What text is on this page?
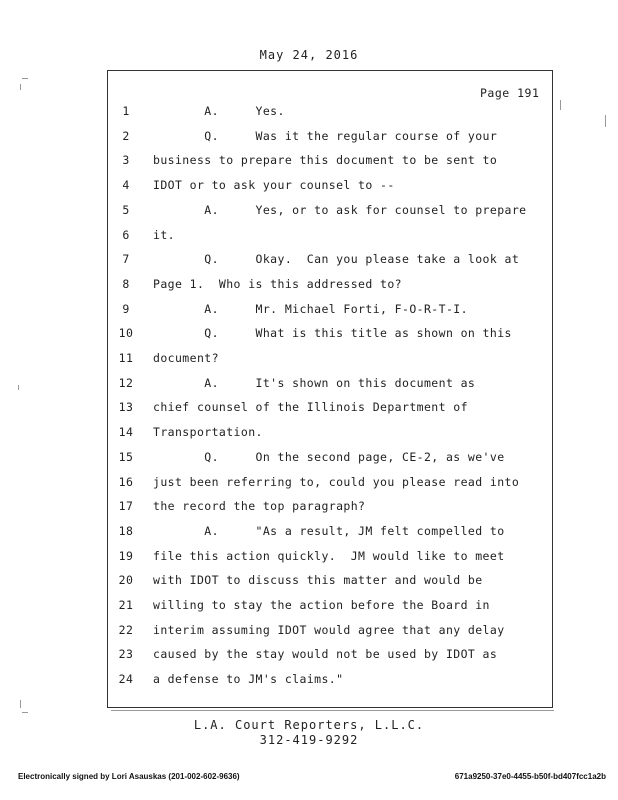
May 24, 2016
Page 191
1	A.     Yes.
2	Q.     Was it the regular course of your
3	business to prepare this document to be sent to
4	IDOT or to ask your counsel to --
5	A.     Yes, or to ask for counsel to prepare
6	it.
7	Q.     Okay.  Can you please take a look at
8	Page 1.  Who is this addressed to?
9	A.     Mr. Michael Forti, F-O-R-T-I.
10	Q.     What is this title as shown on this
11	document?
12	A.     It's shown on this document as
13	chief counsel of the Illinois Department of
14	Transportation.
15	Q.     On the second page, CE-2, as we've
16	just been referring to, could you please read into
17	the record the top paragraph?
18	A.     "As a result, JM felt compelled to
19	file this action quickly.  JM would like to meet
20	with IDOT to discuss this matter and would be
21	willing to stay the action before the Board in
22	interim assuming IDOT would agree that any delay
23	caused by the stay would not be used by IDOT as
24	a defense to JM's claims."
L.A. Court Reporters, L.L.C.
312-419-9292
Electronically signed by Lori Asauskas (201-002-602-9636)	671a9250-37e0-4455-b50f-bd407fcc1a2b
